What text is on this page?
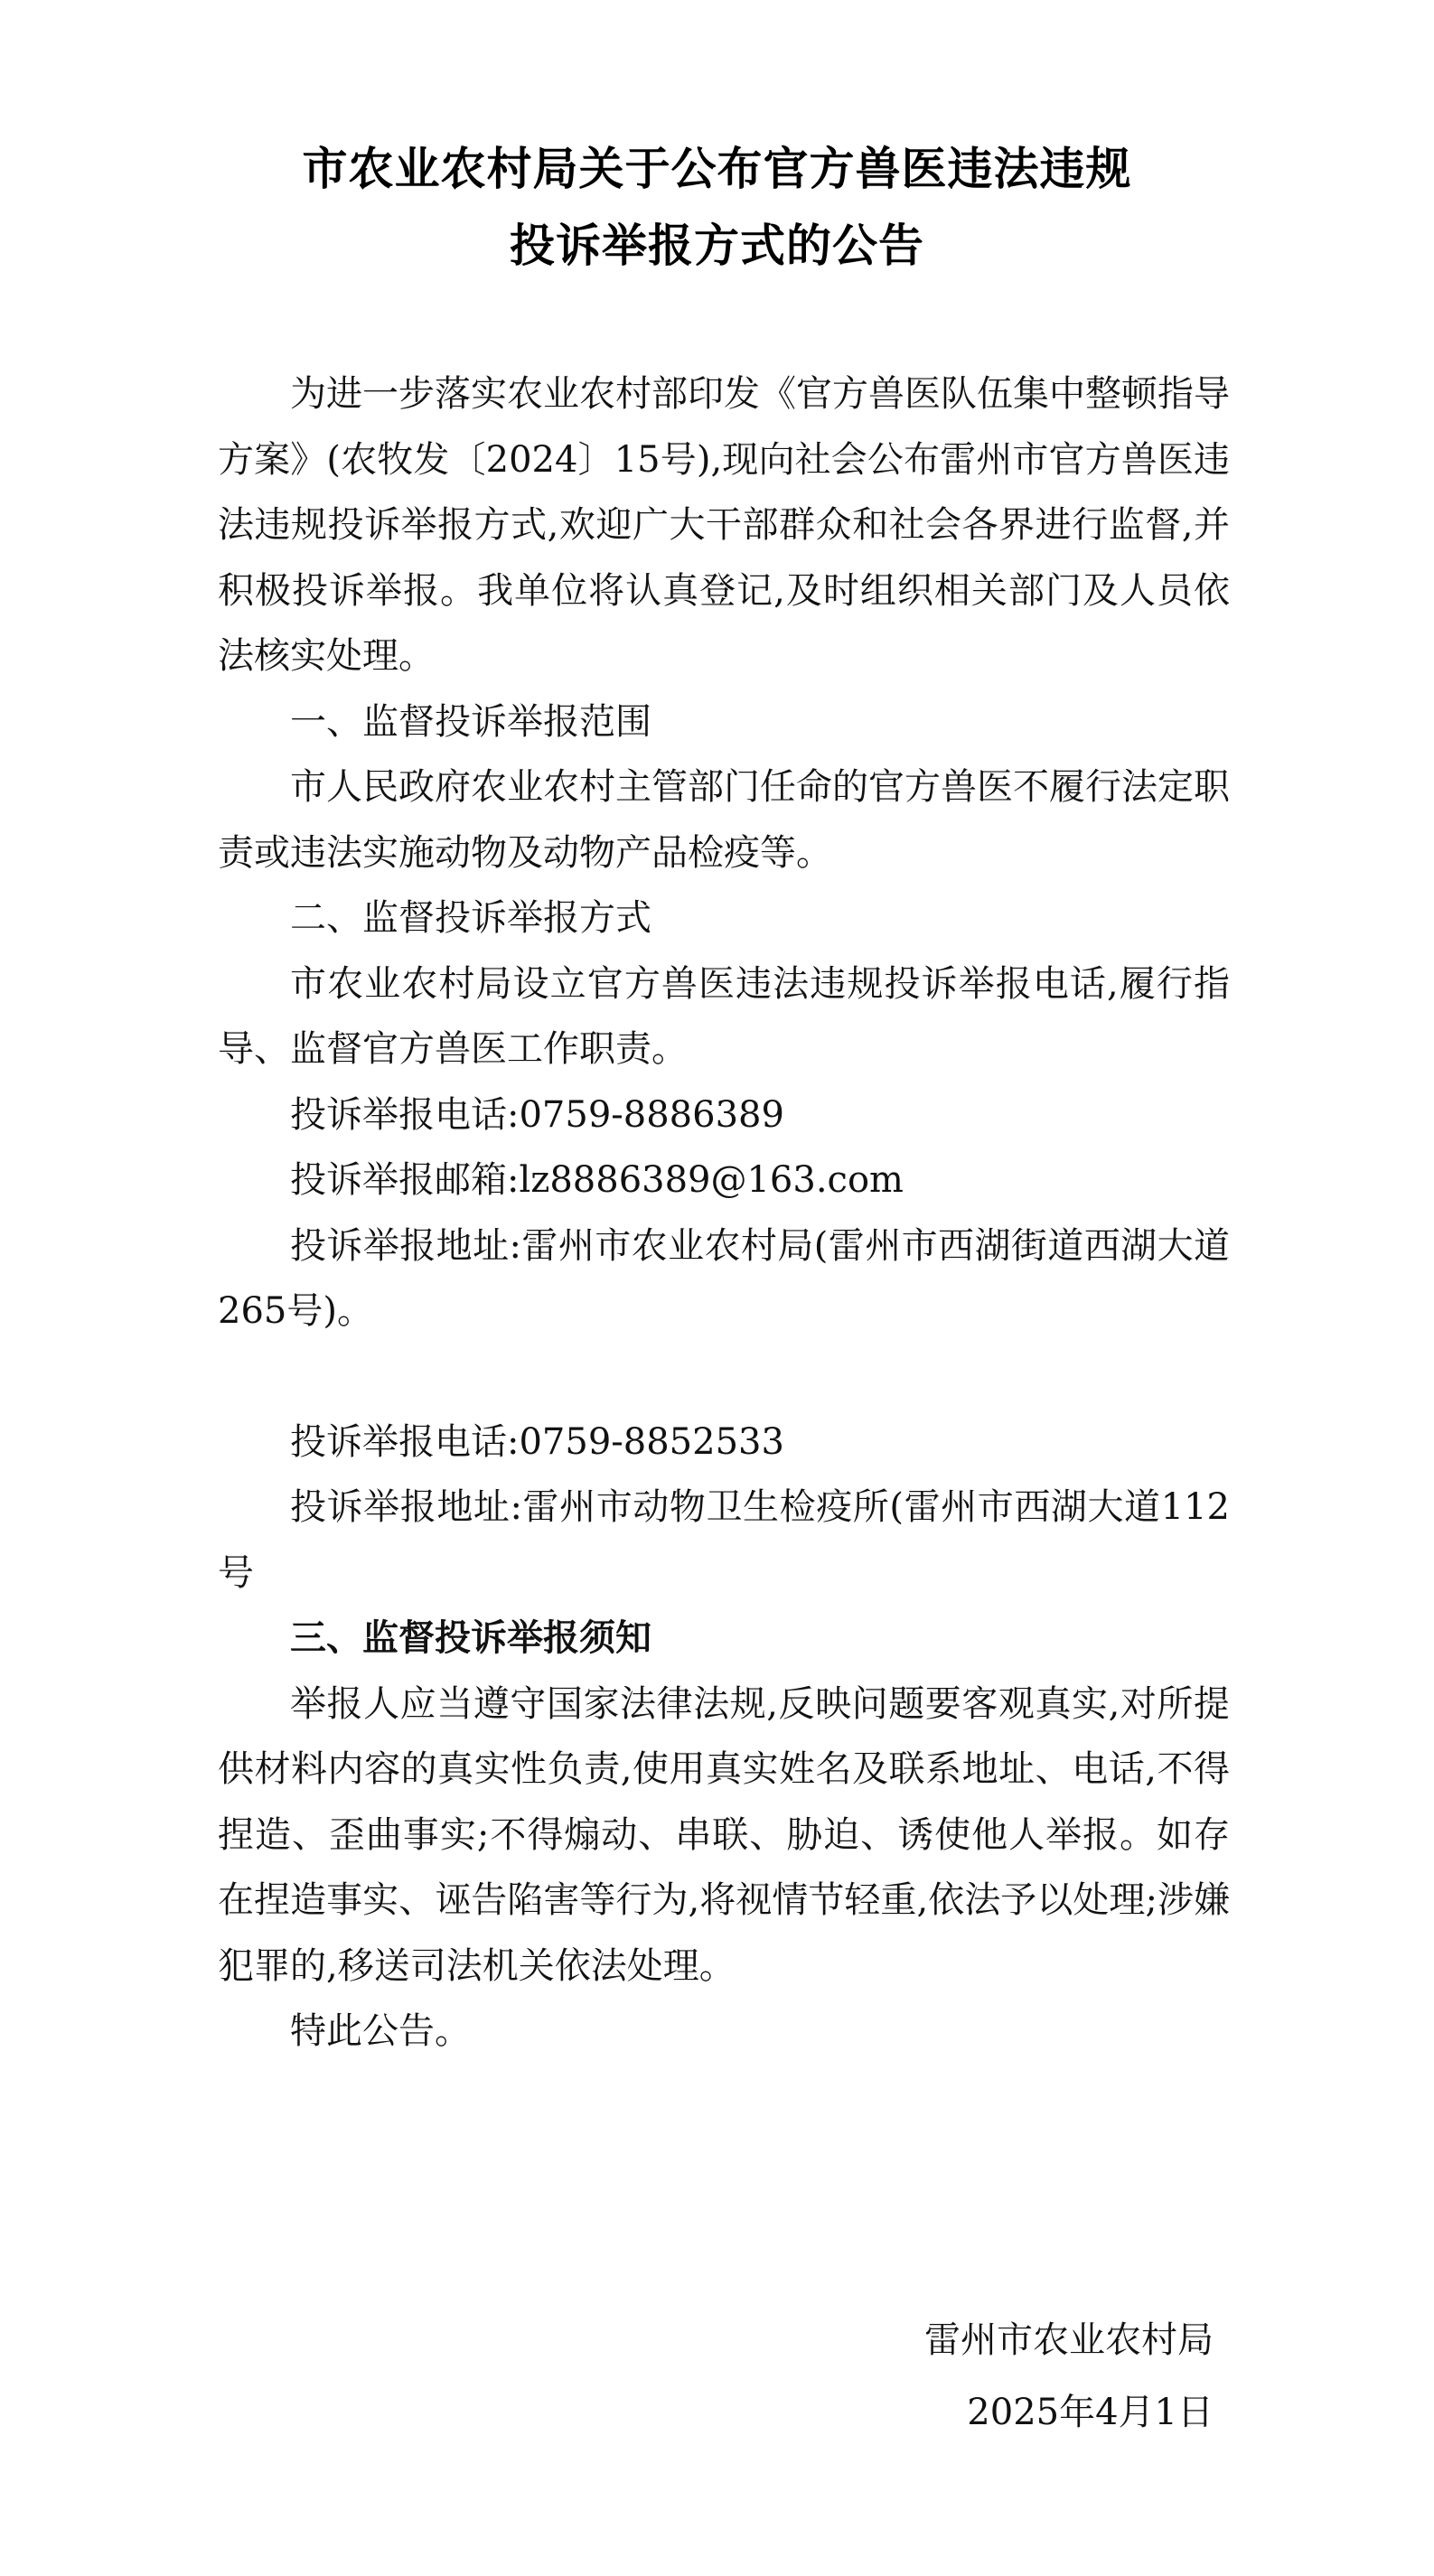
市农业农村局关于公布官方兽医违法违规
投诉举报方式的公告

为进一步落实农业农村部印发《官方兽医队伍集中整顿指导方案》(农牧发〔2024〕15号),现向社会公布雷州市官方兽医违法违规投诉举报方式,欢迎广大干部群众和社会各界进行监督,并积极投诉举报。我单位将认真登记,及时组织相关部门及人员依法核实处理。

一、监督投诉举报范围

市人民政府农业农村主管部门任命的官方兽医不履行法定职责或违法实施动物及动物产品检疫等。

二、监督投诉举报方式

市农业农村局设立官方兽医违法违规投诉举报电话,履行指导、监督官方兽医工作职责。

投诉举报电话:0759-8886389

投诉举报邮箱:lz8886389@163.com

投诉举报地址:雷州市农业农村局(雷州市西湖街道西湖大道265号)。

投诉举报电话:0759-8852533

投诉举报地址:雷州市动物卫生检疫所(雷州市西湖大道112号

三、监督投诉举报须知

举报人应当遵守国家法律法规,反映问题要客观真实,对所提供材料内容的真实性负责,使用真实姓名及联系地址、电话,不得捏造、歪曲事实;不得煽动、串联、胁迫、诱使他人举报。如存在捏造事实、诬告陷害等行为,将视情节轻重,依法予以处理;涉嫌犯罪的,移送司法机关依法处理。

特此公告。

雷州市农业农村局
2025年4月1日
